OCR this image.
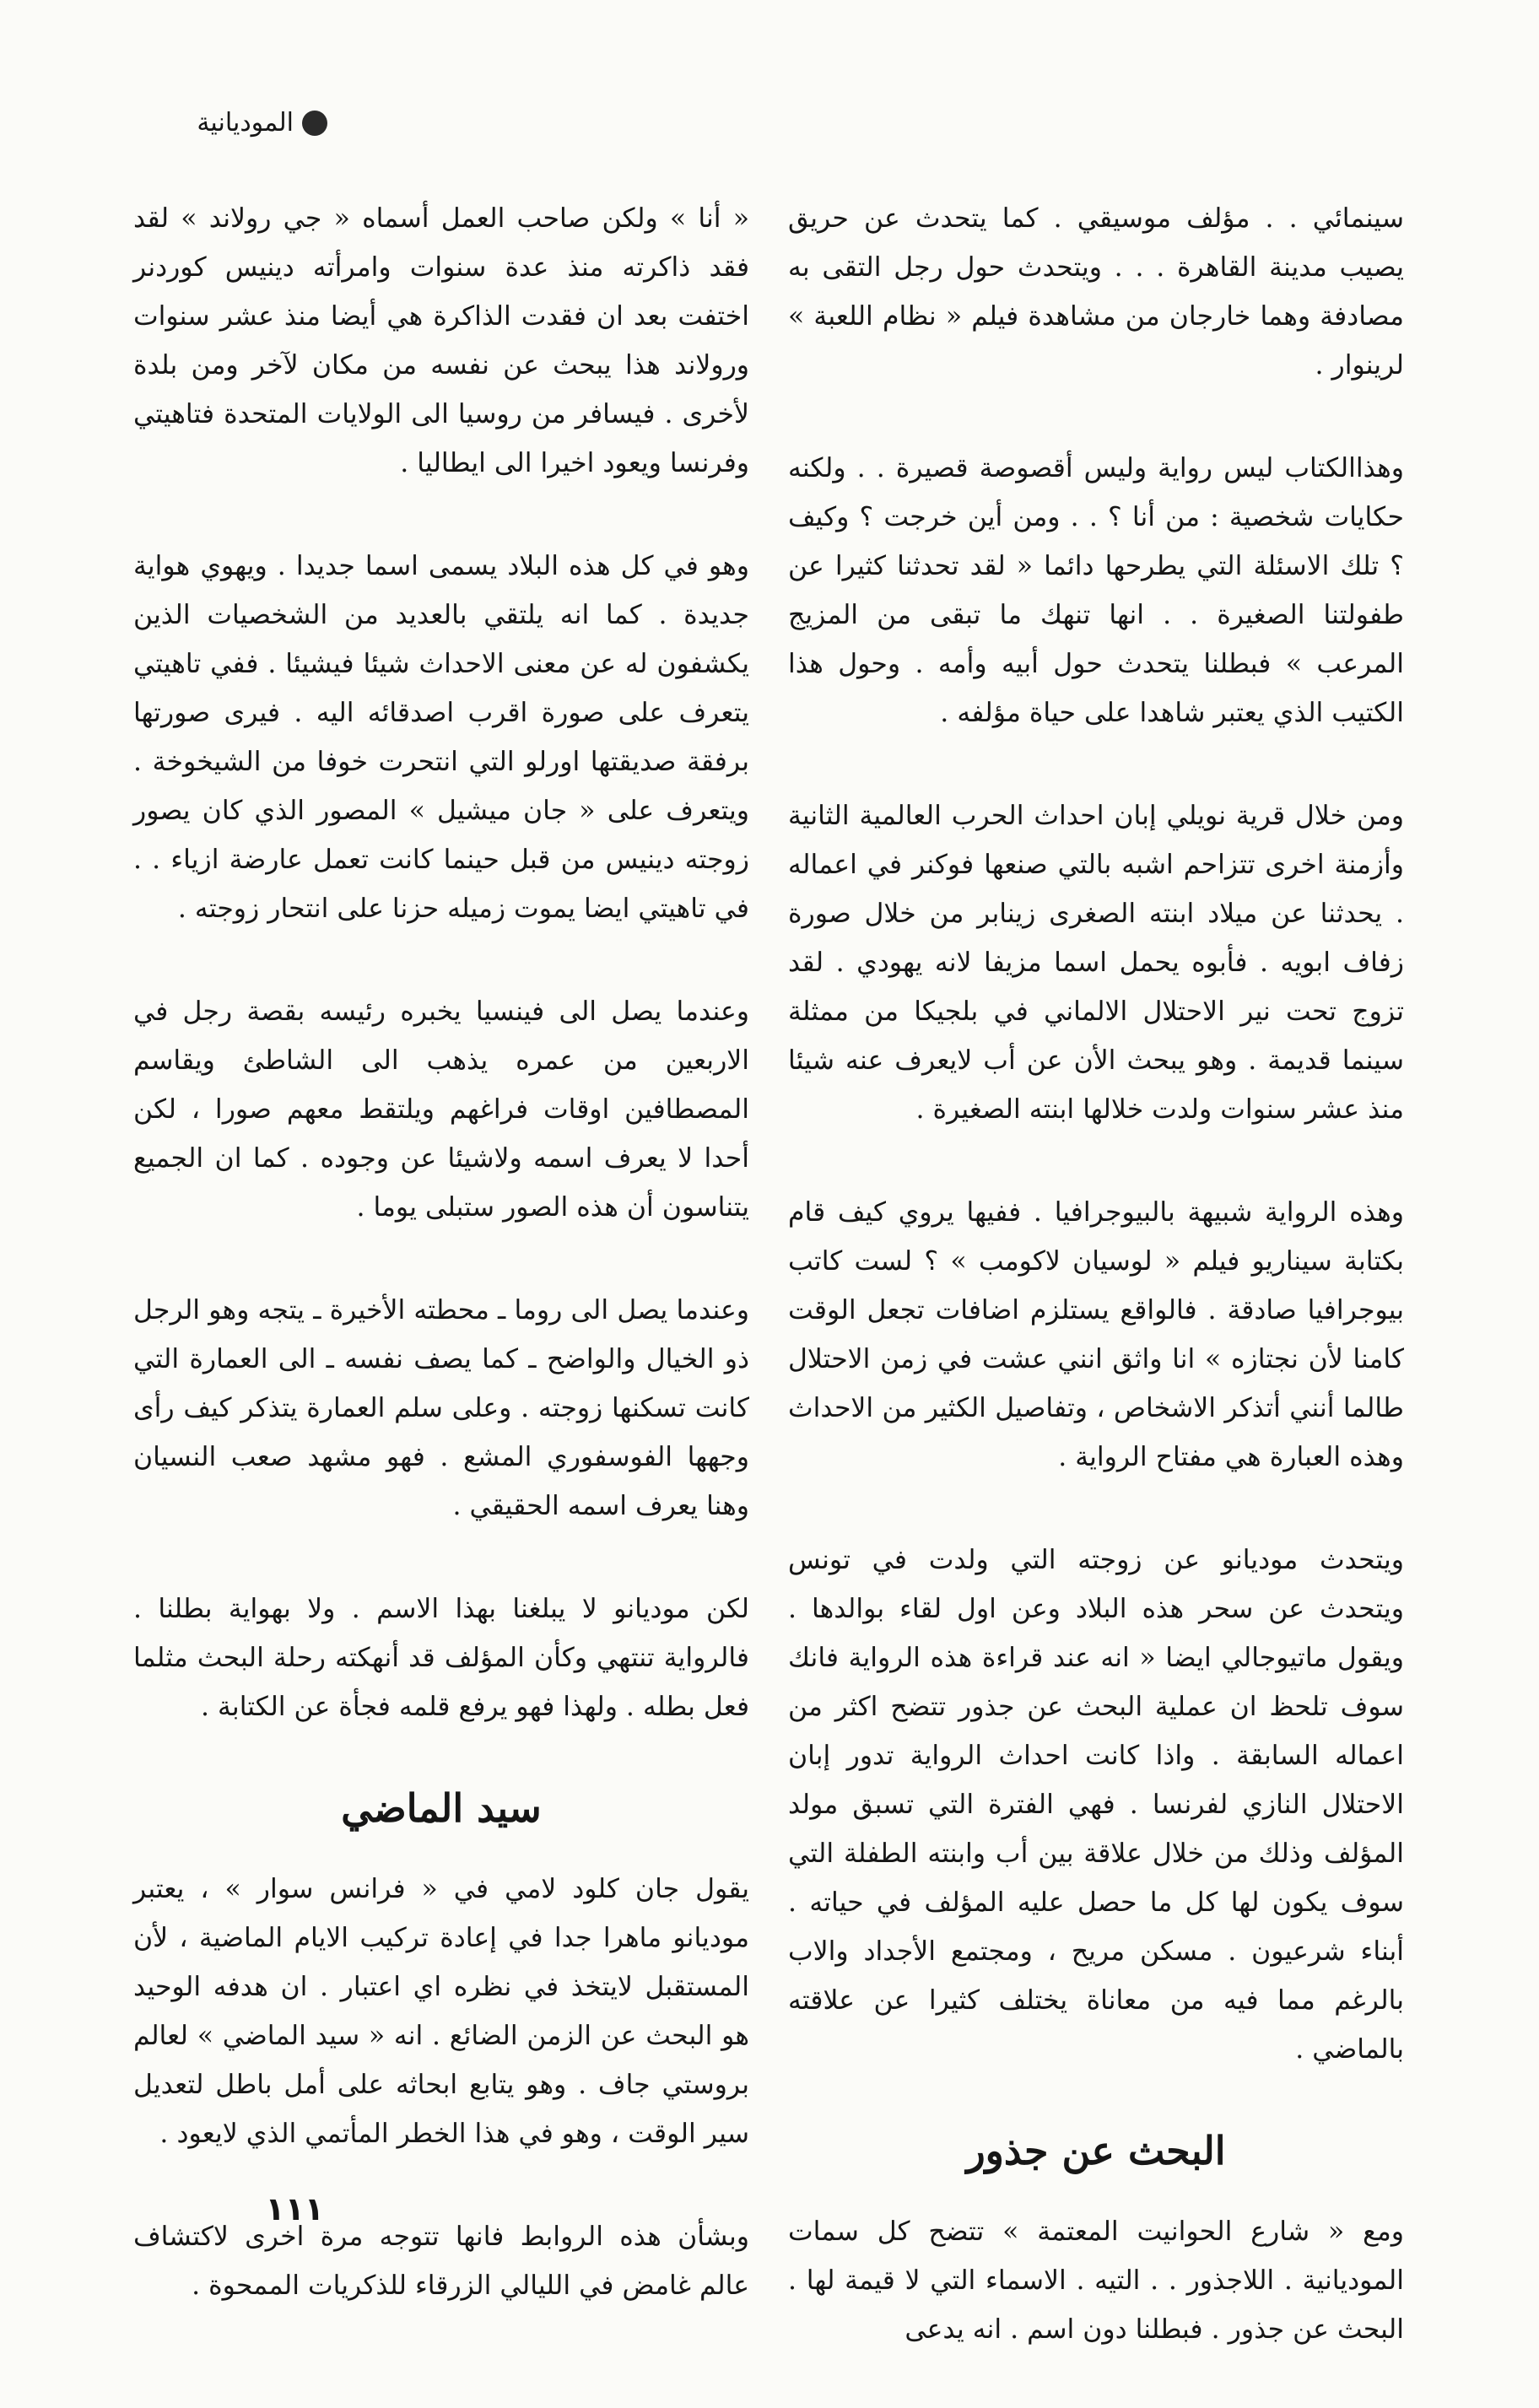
الموديانية

سينمائي . . مؤلف موسيقي . كما يتحدث عن حريق يصيب مدينة القاهرة . . . ويتحدث حول رجل التقى به مصادفة وهما خارجان من مشاهدة فيلم « نظام اللعبة » لرينوار .

وهذاالكتاب ليس رواية وليس أقصوصة قصيرة . . ولكنه حكايات شخصية : من أنا ؟ . . ومن أين خرجت ؟ وكيف ؟ تلك الاسئلة التي يطرحها دائما « لقد تحدثنا كثيرا عن طفولتنا الصغيرة . . انها تنهك ما تبقى من المزيج المرعب » فبطلنا يتحدث حول أبيه وأمه . وحول هذا الكتيب الذي يعتبر شاهدا على حياة مؤلفه .

ومن خلال قرية نويلي إبان احداث الحرب العالمية الثانية وأزمنة اخرى تتزاحم اشبه بالتي صنعها فوكنر في اعماله . يحدثنا عن ميلاد ابنته الصغرى زينابر من خلال صورة زفاف ابويه . فأبوه يحمل اسما مزيفا لانه يهودي . لقد تزوج تحت نير الاحتلال الالماني في بلجيكا من ممثلة سينما قديمة . وهو يبحث الأن عن أب لايعرف عنه شيئا منذ عشر سنوات ولدت خلالها ابنته الصغيرة .

وهذه الرواية شبيهة بالبيوجرافيا . ففيها يروي كيف قام بكتابة سيناريو فيلم « لوسيان لاكومب » ؟ لست كاتب بيوجرافيا صادقة . فالواقع يستلزم اضافات تجعل الوقت كامنا لأن نجتازه » انا واثق انني عشت في زمن الاحتلال طالما أنني أتذكر الاشخاص ، وتفاصيل الكثير من الاحداث وهذه العبارة هي مفتاح الرواية .

ويتحدث موديانو عن زوجته التي ولدت في تونس ويتحدث عن سحر هذه البلاد وعن اول لقاء بوالدها . ويقول ماتيوجالي ايضا « انه عند قراءة هذه الرواية فانك سوف تلحظ ان عملية البحث عن جذور تتضح اكثر من اعماله السابقة . واذا كانت احداث الرواية تدور إبان الاحتلال النازي لفرنسا . فهي الفترة التي تسبق مولد المؤلف وذلك من خلال علاقة بين أب وابنته الطفلة التي سوف يكون لها كل ما حصل عليه المؤلف في حياته . أبناء شرعيون . مسكن مريح ، ومجتمع الأجداد والاب بالرغم مما فيه من معاناة يختلف كثيرا عن علاقته بالماضي .

البحث عن جذور

ومع « شارع الحوانيت المعتمة » تتضح كل سمات الموديانية . اللاجذور . . التيه . الاسماء التي لا قيمة لها . البحث عن جذور . فبطلنا دون اسم . انه يدعى

« أنا » ولكن صاحب العمل أسماه « جي رولاند » لقد فقد ذاكرته منذ عدة سنوات وامرأته دينيس كوردنر اختفت بعد ان فقدت الذاكرة هي أيضا منذ عشر سنوات ورولاند هذا يبحث عن نفسه من مكان لآخر ومن بلدة لأخرى . فيسافر من روسيا الى الولايات المتحدة فتاهيتي وفرنسا ويعود اخيرا الى ايطاليا .

وهو في كل هذه البلاد يسمى اسما جديدا . ويهوي هواية جديدة . كما انه يلتقي بالعديد من الشخصيات الذين يكشفون له عن معنى الاحداث شيئا فيشيئا . ففي تاهيتي يتعرف على صورة اقرب اصدقائه اليه . فيرى صورتها برفقة صديقتها اورلو التي انتحرت خوفا من الشيخوخة . ويتعرف على « جان ميشيل » المصور الذي كان يصور زوجته دينيس من قبل حينما كانت تعمل عارضة ازياء . . في تاهيتي ايضا يموت زميله حزنا على انتحار زوجته .

وعندما يصل الى فينسيا يخبره رئيسه بقصة رجل في الاربعين من عمره يذهب الى الشاطئ ويقاسم المصطافين اوقات فراغهم ويلتقط معهم صورا ، لكن أحدا لا يعرف اسمه ولاشيئا عن وجوده . كما ان الجميع يتناسون أن هذه الصور ستبلى يوما .

وعندما يصل الى روما ـ محطته الأخيرة ـ يتجه وهو الرجل ذو الخيال والواضح ـ كما يصف نفسه ـ الى العمارة التي كانت تسكنها زوجته . وعلى سلم العمارة يتذكر كيف رأى وجهها الفوسفوري المشع . فهو مشهد صعب النسيان وهنا يعرف اسمه الحقيقي .

لكن موديانو لا يبلغنا بهذا الاسم . ولا بهواية بطلنا . فالرواية تنتهي وكأن المؤلف قد أنهكته رحلة البحث مثلما فعل بطله . ولهذا فهو يرفع قلمه فجأة عن الكتابة .

سيد الماضي

يقول جان كلود لامي في « فرانس سوار » ، يعتبر موديانو ماهرا جدا في إعادة تركيب الايام الماضية ، لأن المستقبل لايتخذ في نظره اي اعتبار . ان هدفه الوحيد هو البحث عن الزمن الضائع . انه « سيد الماضي » لعالم بروستي جاف . وهو يتابع ابحاثه على أمل باطل لتعديل سير الوقت ، وهو في هذا الخطر المأتمي الذي لايعود .

وبشأن هذه الروابط فانها تتوجه مرة اخرى لاكتشاف عالم غامض في الليالي الزرقاء للذكريات الممحوة .

١١١
